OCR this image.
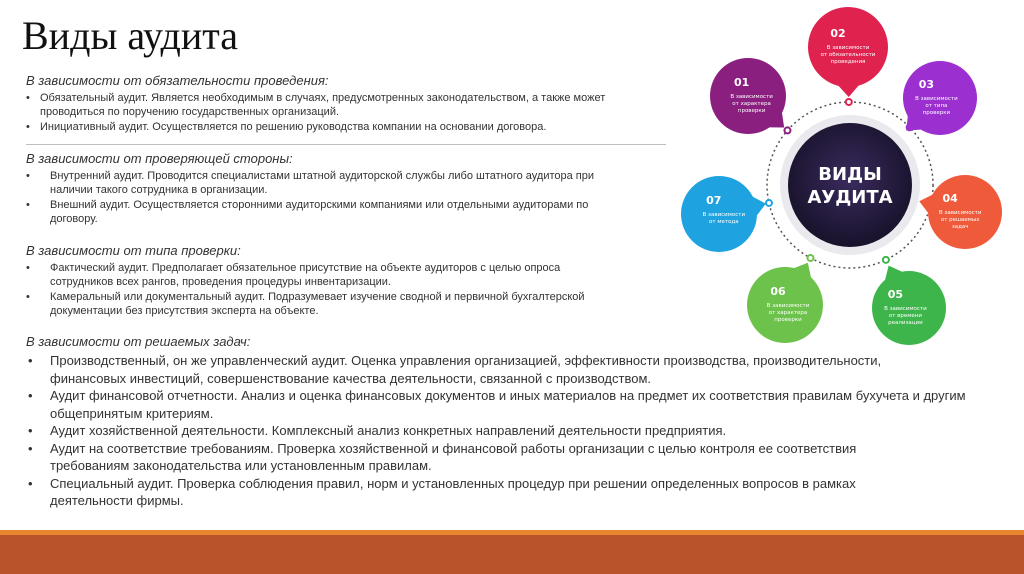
Виды аудита
В зависимости от обязательности проведения:
• Обязательный аудит. Является необходимым в случаях, предусмотренных законодательством, а также может проводиться по поручению государственных организаций.
• Инициативный аудит. Осуществляется по решению руководства компании на основании договора.
В зависимости от проверяющей стороны:
• Внутренний аудит. Проводится специалистами штатной аудиторской службы либо штатного аудитора при наличии такого сотрудника в организации.
• Внешний аудит. Осуществляется сторонними аудиторскими компаниями или отдельными аудиторами по договору.
В зависимости от типа проверки:
• Фактический аудит. Предполагает обязательное присутствие на объекте аудиторов с целью опроса сотрудников всех рангов, проведения процедуры инвентаризации.
• Камеральный или документальный аудит. Подразумевает изучение сводной и первичной бухгалтерской документации без присутствия эксперта на объекте.
В зависимости от решаемых задач:
• Производственный, он же управленческий аудит. Оценка управления организацией, эффективности производства, производительности, финансовых инвестиций, совершенствование качества деятельности, связанной с производством.
• Аудит финансовой отчетности. Анализ и оценка финансовых документов и иных материалов на предмет их соответствия правилам бухучета и другим общепринятым критериям.
• Аудит хозяйственной деятельности. Комплексный анализ конкретных направлений деятельности предприятия.
• Аудит на соответствие требованиям. Проверка хозяйственной и финансовой работы организации с целью контроля ее соответствия требованиям законодательства или установленным правилам.
• Специальный аудит. Проверка соблюдения правил, норм и установленных процедур при решении определенных вопросов в рамках деятельности фирмы.
ВИДЫ
АУДИТА
01
В зависимости
от характера
проверки
02
В зависимости
от обязательности
проведения
03
В зависимости
от типа
проверки
04
В зависимости
от решаемых
задач
05
В зависимости
от времени
реализации
06
В зависимости
от характера
проверки
07
В зависимости
от метода
